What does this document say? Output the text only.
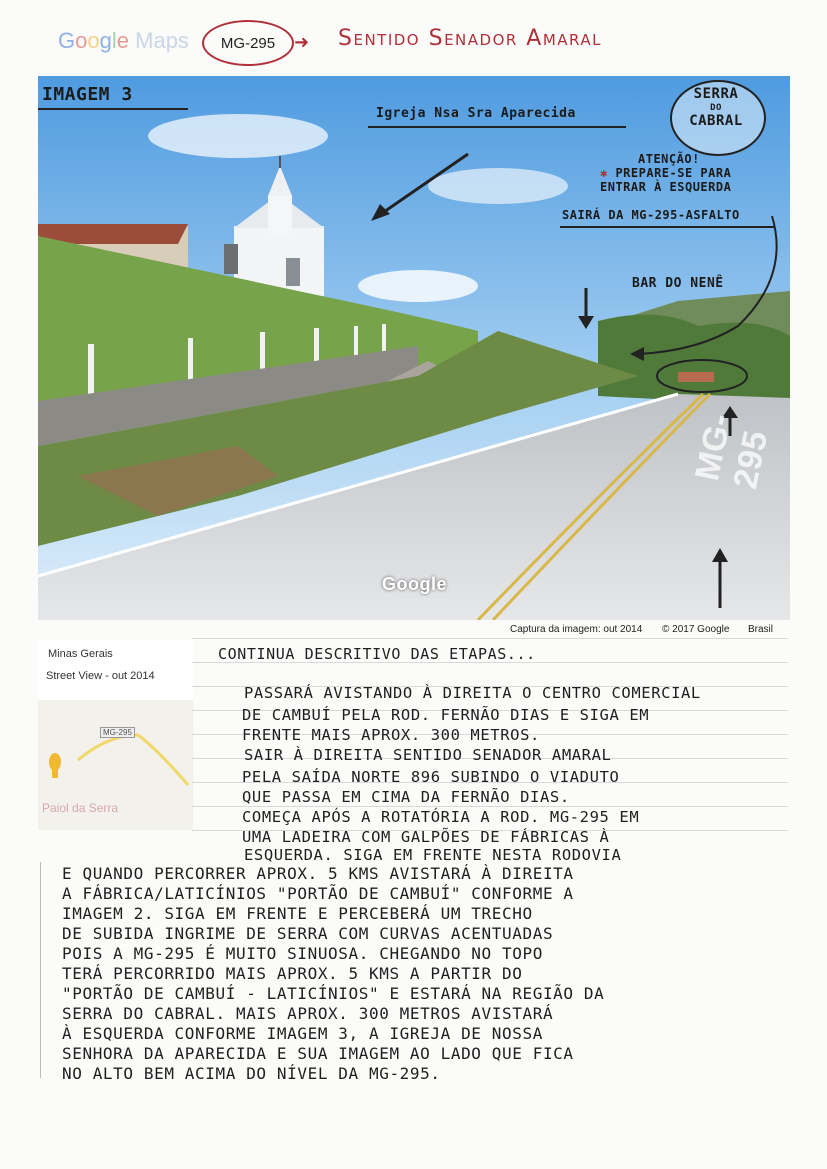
Google Maps MG-295 ➜ Sentido Senador Amaral
IMAGEM 3
Igreja Nsa Sra Aparecida
SERRA
DO
CABRAL
ATENÇÃO!
✱ PREPARE-SE PARA
ENTRAR À ESQUERDA
SAIRÁ DA MG-295-ASFALTO
BAR DO NENÊ
Google
MG-295
Captura da imagem: out 2014 © 2017 Google Brasil
Minas Gerais
Street View - out 2014
MG-295
Paiol da Serra
CONTINUA DESCRITIVO DAS ETAPAS...
PASSARÁ AVISTANDO À DIREITA O CENTRO COMERCIAL
DE CAMBUÍ PELA ROD. FERNÃO DIAS E SIGA EM
FRENTE MAIS APROX. 300 METROS.
SAIR À DIREITA SENTIDO SENADOR AMARAL
PELA SAÍDA NORTE 896 SUBINDO O VIADUTO
QUE PASSA EM CIMA DA FERNÃO DIAS.
COMEÇA APÓS A ROTATÓRIA A ROD. MG-295 EM
UMA LADEIRA COM GALPÕES DE FÁBRICAS À
ESQUERDA. SIGA EM FRENTE NESTA RODOVIA
E QUANDO PERCORRER APROX. 5 KMS AVISTARÁ À DIREITA
A FÁBRICA/LATICÍNIOS "PORTÃO DE CAMBUÍ" CONFORME A
IMAGEM 2. SIGA EM FRENTE E PERCEBERÁ UM TRECHO
DE SUBIDA INGRIME DE SERRA COM CURVAS ACENTUADAS
POIS A MG-295 É MUITO SINUOSA. CHEGANDO NO TOPO
TERÁ PERCORRIDO MAIS APROX. 5 KMS A PARTIR DO
"PORTÃO DE CAMBUÍ - LATICÍNIOS" E ESTARÁ NA REGIÃO DA
SERRA DO CABRAL. MAIS APROX. 300 METROS AVISTARÁ
À ESQUERDA CONFORME IMAGEM 3, A IGREJA DE NOSSA
SENHORA DA APARECIDA E SUA IMAGEM AO LADO QUE FICA
NO ALTO BEM ACIMA DO NÍVEL DA MG-295.
